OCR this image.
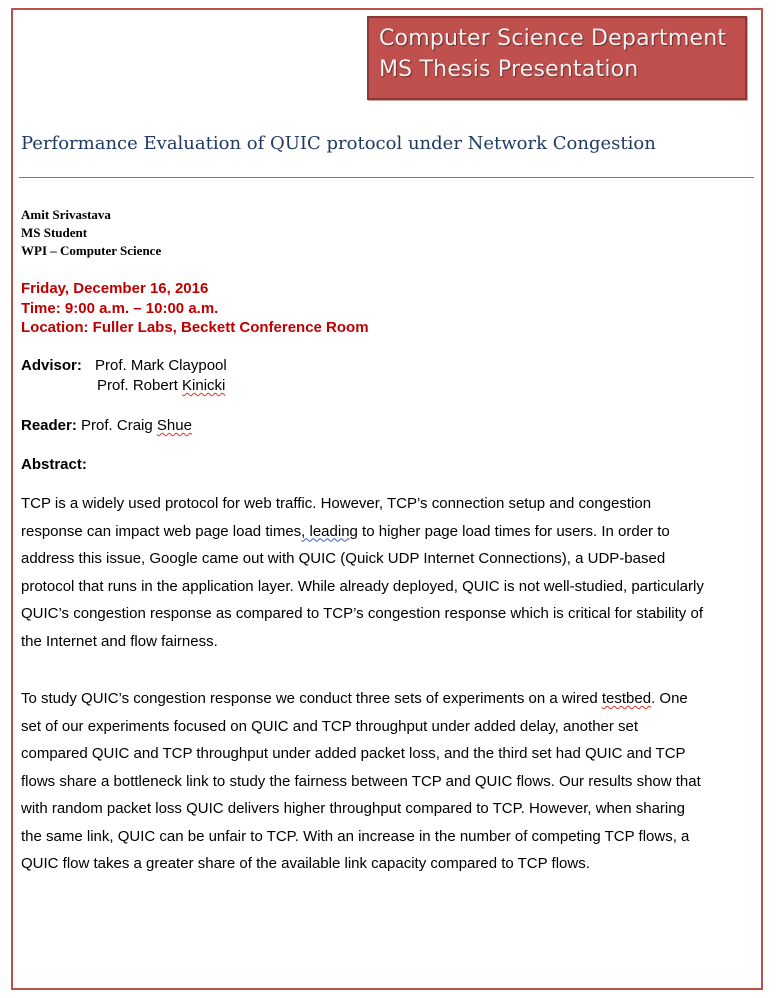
Computer Science Department
MS Thesis Presentation
Performance Evaluation of QUIC protocol under Network Congestion
Amit Srivastava
MS Student
WPI – Computer Science
Friday, December 16, 2016
Time: 9:00 a.m. – 10:00 a.m.
Location: Fuller Labs, Beckett Conference Room
Advisor: Prof. Mark Claypool
Prof. Robert Kinicki
Reader: Prof. Craig Shue
Abstract:
TCP is a widely used protocol for web traffic. However, TCP’s connection setup and congestion
response can impact web page load times, leading to higher page load times for users. In order to
address this issue, Google came out with QUIC (Quick UDP Internet Connections), a UDP-based
protocol that runs in the application layer. While already deployed, QUIC is not well-studied, particularly
QUIC’s congestion response as compared to TCP’s congestion response which is critical for stability of
the Internet and flow fairness.
To study QUIC’s congestion response we conduct three sets of experiments on a wired testbed. One
set of our experiments focused on QUIC and TCP throughput under added delay, another set
compared QUIC and TCP throughput under added packet loss, and the third set had QUIC and TCP
flows share a bottleneck link to study the fairness between TCP and QUIC flows. Our results show that
with random packet loss QUIC delivers higher throughput compared to TCP. However, when sharing
the same link, QUIC can be unfair to TCP. With an increase in the number of competing TCP flows, a
QUIC flow takes a greater share of the available link capacity compared to TCP flows.
